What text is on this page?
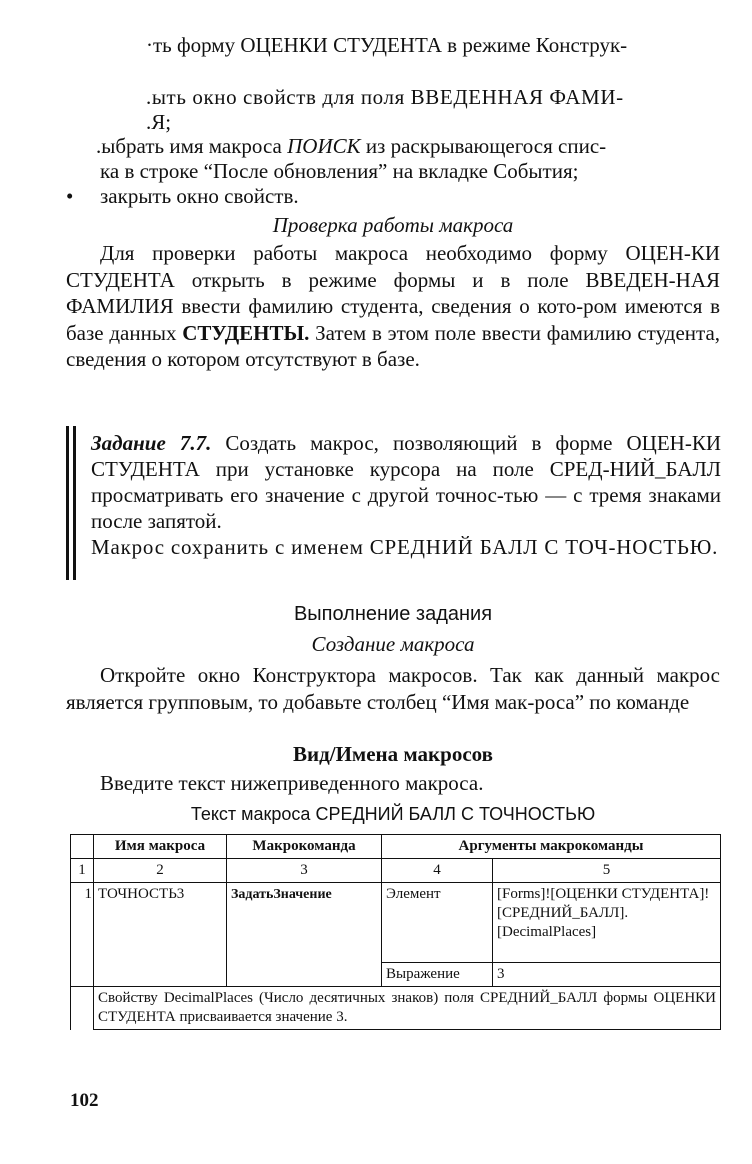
·ть форму ОЦЕНКИ СТУДЕНТА в режиме Конструк-
.ыть окно свойств для поля ВВЕДЕННАЯ ФАМИ-
.Я;
.ыбрать имя макроса ПОИСК из раскрывающегося спис-
ка в строке “После обновления” на вкладке События;
• закрыть окно свойств.
Проверка работы макроса
Для проверки работы макроса необходимо форму ОЦЕН-КИ СТУДЕНТА открыть в режиме формы и в поле ВВЕДЕН-НАЯ ФАМИЛИЯ ввести фамилию студента, сведения о кото-ром имеются в базе данных СТУДЕНТЫ. Затем в этом поле ввести фамилию студента, сведения о котором отсутствуют в базе.
Задание 7.7. Создать макрос, позволяющий в форме ОЦЕН-КИ СТУДЕНТА при установке курсора на поле СРЕД-НИЙ_БАЛЛ просматривать его значение с другой точнос-тью — с тремя знаками после запятой.
Макрос сохранить с именем СРЕДНИЙ БАЛЛ С ТОЧ-НОСТЬЮ.
Выполнение задания
Создание макроса
Откройте окно Конструктора макросов. Так как данный макрос является групповым, то добавьте столбец “Имя мак-роса” по команде
Вид/Имена макросов
Введите текст нижеприведенного макроса.
Текст макроса СРЕДНИЙ БАЛЛ С ТОЧНОСТЬЮ
	Имя макроса	Макрокоманда	Аргументы макрокоманды	
1	2	3	4	5
1	ТОЧНОСТЬ3	ЗадатьЗначение	Элемент	[Forms]![ОЦЕНКИ СТУДЕНТА]![СРЕДНИЙ_БАЛЛ].[DecimalPlaces]
			Выражение	3
	Свойству DecimalPlaces (Число десятичных знаков) поля СРЕДНИЙ_БАЛЛ формы ОЦЕНКИ СТУДЕНТА присваивается значение 3.			
102
